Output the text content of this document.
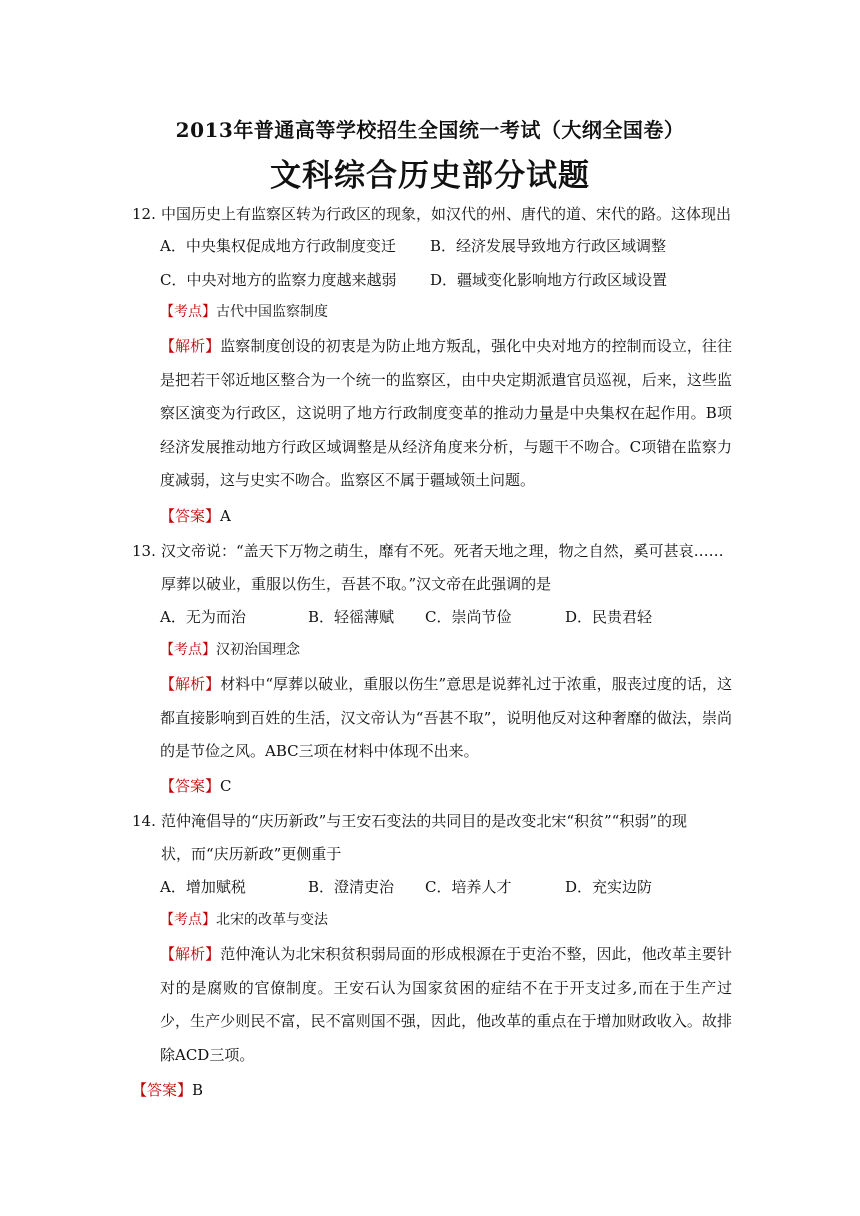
2013年普通高等学校招生全国统一考试（大纲全国卷）
文科综合历史部分试题
12. 中国历史上有监察区转为行政区的现象，如汉代的州、唐代的道、宋代的路。这体现出
A．中央集权促成地方行政制度变迁 B．经济发展导致地方行政区域调整
C．中央对地方的监察力度越来越弱 D．疆域变化影响地方行政区域设置
【考点】古代中国监察制度
【解析】监察制度创设的初衷是为防止地方叛乱，强化中央对地方的控制而设立，往往是把若干邻近地区整合为一个统一的监察区，由中央定期派遣官员巡视，后来，这些监察区演变为行政区，这说明了地方行政制度变革的推动力量是中央集权在起作用。B项经济发展推动地方行政区域调整是从经济角度来分析，与题干不吻合。C项错在监察力度减弱，这与史实不吻合。监察区不属于疆域领土问题。
【答案】A
13. 汉文帝说：“盖天下万物之萌生，靡有不死。死者天地之理，物之自然，奚可甚哀……
厚葬以破业，重服以伤生，吾甚不取。”汉文帝在此强调的是
A．无为而治	B．轻徭薄赋 C．崇尚节俭	D．民贵君轻
【考点】汉初治国理念
【解析】材料中“厚葬以破业，重服以伤生”意思是说葬礼过于浓重，服丧过度的话，这都直接影响到百姓的生活，汉文帝认为“吾甚不取”，说明他反对这种奢靡的做法，崇尚的是节俭之风。ABC三项在材料中体现不出来。
【答案】C
14. 范仲淹倡导的“庆历新政”与王安石变法的共同目的是改变北宋“积贫”“积弱”的现
状，而“庆历新政”更侧重于
A．增加赋税	B．澄清吏治 C．培养人才	D．充实边防
【考点】北宋的改革与变法
【解析】范仲淹认为北宋积贫积弱局面的形成根源在于吏治不整，因此，他改革主要针对的是腐败的官僚制度。王安石认为国家贫困的症结不在于开支过多,而在于生产过少，生产少则民不富，民不富则国不强，因此，他改革的重点在于增加财政收入。故排除ACD三项。
【答案】B
